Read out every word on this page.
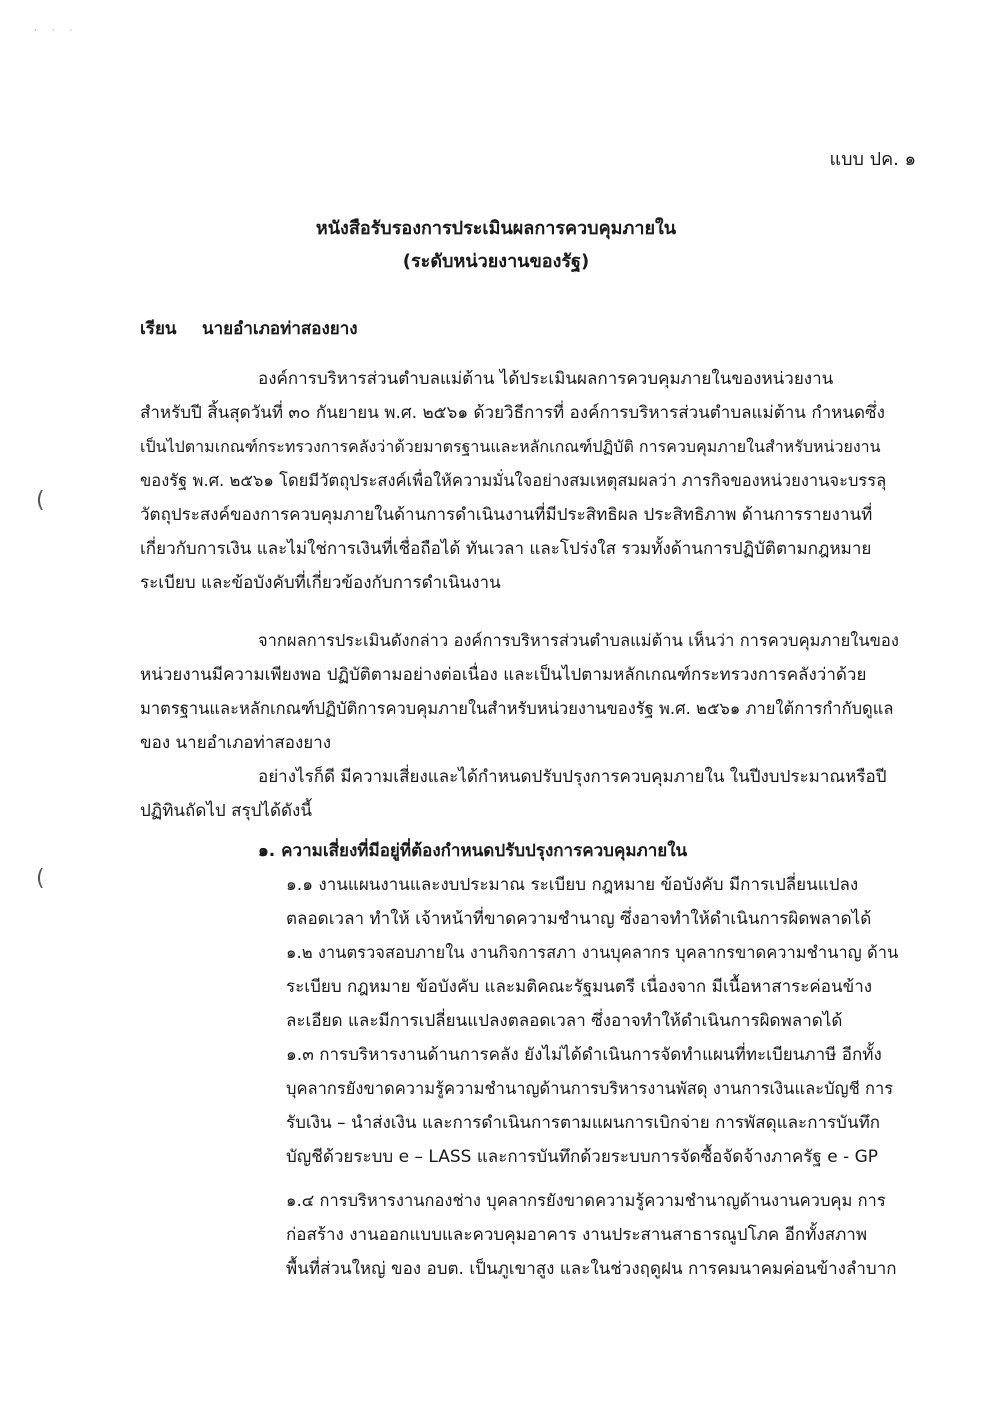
· · ·
แบบ ปค. ๑
หนังสือรับรองการประเมินผลการควบคุมภายใน
(ระดับหน่วยงานของรัฐ)
เรียน นายอำเภอท่าสองยาง
องค์การบริหารส่วนตำบลแม่ต้าน ได้ประเมินผลการควบคุมภายในของหน่วยงาน
สำหรับปี สิ้นสุดวันที่ ๓๐ กันยายน พ.ศ. ๒๕๖๑ ด้วยวิธีการที่ องค์การบริหารส่วนตำบลแม่ต้าน กำหนดซึ่ง
เป็นไปตามเกณฑ์กระทรวงการคลังว่าด้วยมาตรฐานและหลักเกณฑ์ปฏิบัติ การควบคุมภายในสำหรับหน่วยงาน
ของรัฐ พ.ศ. ๒๕๖๑ โดยมีวัตถุประสงค์เพื่อให้ความมั่นใจอย่างสมเหตุสมผลว่า ภารกิจของหน่วยงานจะบรรลุ
วัตถุประสงค์ของการควบคุมภายในด้านการดำเนินงานที่มีประสิทธิผล ประสิทธิภาพ ด้านการรายงานที่
เกี่ยวกับการเงิน และไม่ใช่การเงินที่เชื่อถือได้ ทันเวลา และโปร่งใส รวมทั้งด้านการปฏิบัติตามกฎหมาย
ระเบียบ และข้อบังคับที่เกี่ยวข้องกับการดำเนินงาน
จากผลการประเมินดังกล่าว องค์การบริหารส่วนตำบลแม่ต้าน เห็นว่า การควบคุมภายในของ
หน่วยงานมีความเพียงพอ ปฏิบัติตามอย่างต่อเนื่อง และเป็นไปตามหลักเกณฑ์กระทรวงการคลังว่าด้วย
มาตรฐานและหลักเกณฑ์ปฏิบัติการควบคุมภายในสำหรับหน่วยงานของรัฐ พ.ศ. ๒๕๖๑ ภายใต้การกำกับดูแล
ของ นายอำเภอท่าสองยาง
อย่างไรก็ดี มีความเสี่ยงและได้กำหนดปรับปรุงการควบคุมภายใน ในปีงบประมาณหรือปี
ปฏิทินถัดไป สรุปได้ดังนี้
๑. ความเสี่ยงที่มีอยู่ที่ต้องกำหนดปรับปรุงการควบคุมภายใน
(
(	๑.๑ งานแผนงานและงบประมาณ ระเบียบ กฎหมาย ข้อบังคับ มีการเปลี่ยนแปลง
ตลอดเวลา ทำให้ เจ้าหน้าที่ขาดความชำนาญ ซึ่งอาจทำให้ดำเนินการผิดพลาดได้
๑.๒ งานตรวจสอบภายใน งานกิจการสภา งานบุคลากร บุคลากรขาดความชำนาญ ด้าน
ระเบียบ กฎหมาย ข้อบังคับ และมติคณะรัฐมนตรี เนื่องจาก มีเนื้อหาสาระค่อนข้าง
ละเอียด และมีการเปลี่ยนแปลงตลอดเวลา ซึ่งอาจทำให้ดำเนินการผิดพลาดได้
๑.๓ การบริหารงานด้านการคลัง ยังไม่ได้ดำเนินการจัดทำแผนที่ทะเบียนภาษี อีกทั้ง
บุคลากรยังขาดความรู้ความชำนาญด้านการบริหารงานพัสดุ งานการเงินและบัญชี การ
รับเงิน – นำส่งเงิน และการดำเนินการตามแผนการเบิกจ่าย การพัสดุและการบันทึก
บัญชีด้วยระบบ e – LASS และการบันทึกด้วยระบบการจัดซื้อจัดจ้างภาครัฐ e - GP
๑.๔ การบริหารงานกองช่าง บุคลากรยังขาดความรู้ความชำนาญด้านงานควบคุม การ
ก่อสร้าง งานออกแบบและควบคุมอาคาร งานประสานสาธารณูปโภค อีกทั้งสภาพ
พื้นที่ส่วนใหญ่ ของ อบต. เป็นภูเขาสูง และในช่วงฤดูฝน การคมนาคมค่อนข้างลำบาก
